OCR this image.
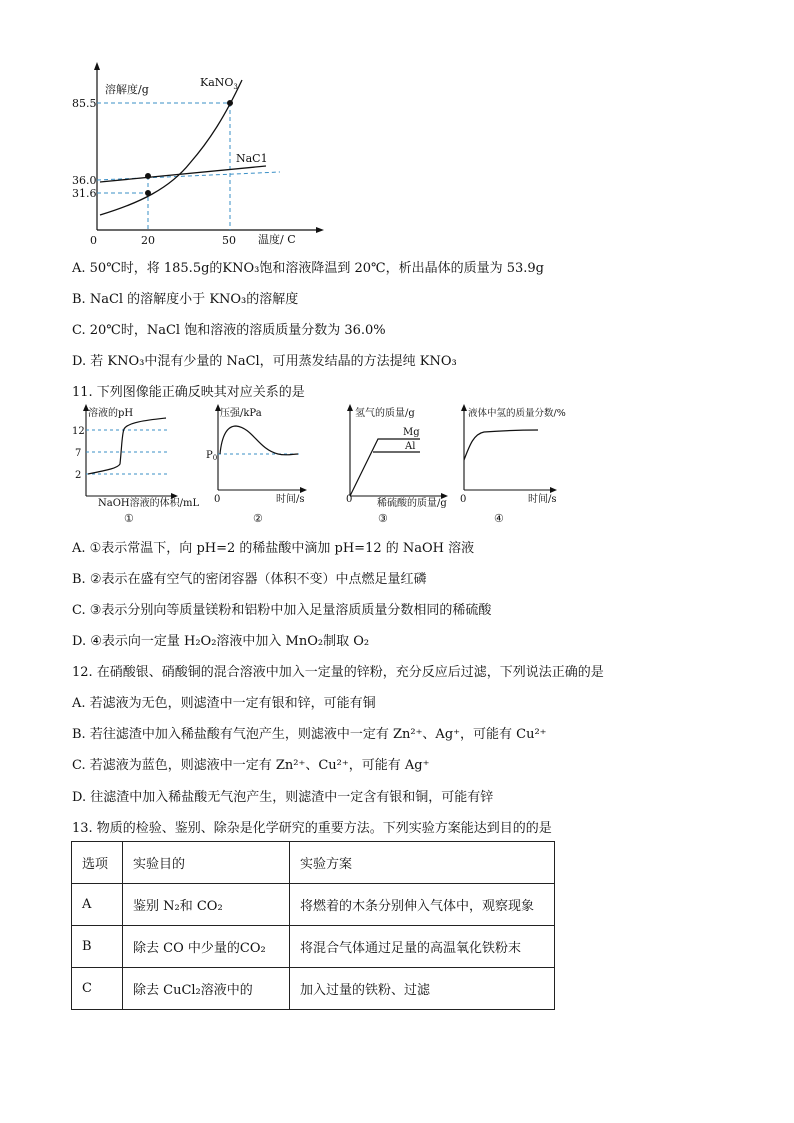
溶解度/g
KaNO$_3$
NaC1
85.5
36.0
31.6
0	20	50 温度/ C
A. 50℃时，将 185.5g的KNO₃饱和溶液降温到 20℃，析出晶体的质量为 53.9g
B. NaCl 的溶解度小于 KNO₃的溶解度
C. 20℃时，NaCl 饱和溶液的溶质质量分数为 36.0%
D. 若 KNO₃中混有少量的 NaCl，可用蒸发结晶的方法提纯 KNO₃
11. 下列图像能正确反映其对应关系的是
溶液的pH
12
7
2
NaOH溶液的体积/mL
①
压强/kPa
$P_0$
0	时间/s
②
氢气的质量/g
Mg
Al
0 稀硫酸的质量/g
③
液体中氢的质量分数/%
0	时间/s
④
A. ①表示常温下，向 pH=2 的稀盐酸中滴加 pH=12 的 NaOH 溶液
B. ②表示在盛有空气的密闭容器（体积不变）中点燃足量红磷
C. ③表示分别向等质量镁粉和铝粉中加入足量溶质质量分数相同的稀硫酸
D. ④表示向一定量 H₂O₂溶液中加入 MnO₂制取 O₂
12. 在硝酸银、硝酸铜的混合溶液中加入一定量的锌粉，充分反应后过滤，下列说法正确的是
A. 若滤液为无色，则滤渣中一定有银和锌，可能有铜
B. 若往滤渣中加入稀盐酸有气泡产生，则滤液中一定有 Zn²⁺、Ag⁺，可能有 Cu²⁺
C. 若滤液为蓝色，则滤液中一定有 Zn²⁺、Cu²⁺，可能有 Ag⁺
D. 往滤渣中加入稀盐酸无气泡产生，则滤渣中一定含有银和铜，可能有锌
13. 物质的检验、鉴别、除杂是化学研究的重要方法。下列实验方案能达到目的的是
选项	实验目的	实验方案
A	鉴别 N₂和 CO₂	将燃着的木条分别伸入气体中，观察现象
B	除去 CO 中少量的CO₂	将混合气体通过足量的高温氧化铁粉末
C	除去 CuCl₂溶液中的	加入过量的铁粉、过滤
